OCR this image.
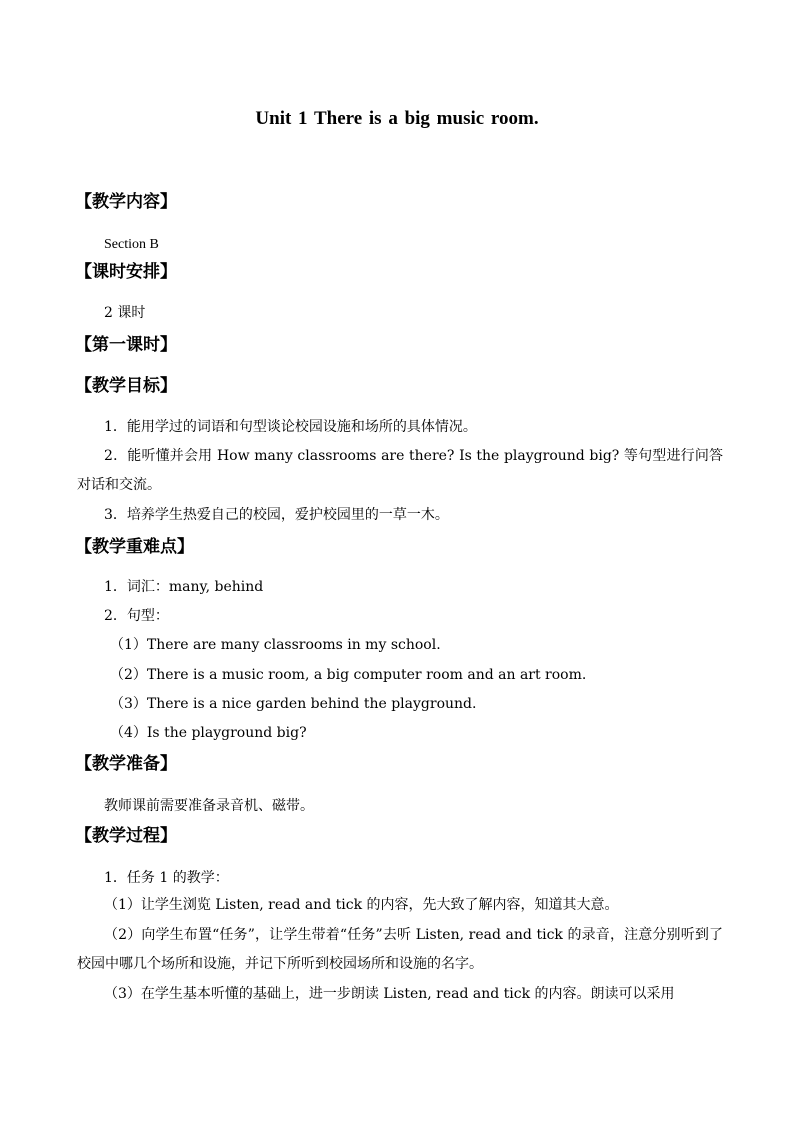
Unit 1 There is a big music room.
【教学内容】
Section B
【课时安排】
2 课时
【第一课时】
【教学目标】
1．能用学过的词语和句型谈论校园设施和场所的具体情况。
2．能听懂并会用 How many classrooms are there? Is the playground big? 等句型进行问答对话和交流。
3．培养学生热爱自己的校园，爱护校园里的一草一木。
【教学重难点】
1．词汇：many, behind
2．句型：
（1）There are many classrooms in my school.
（2）There is a music room, a big computer room and an art room.
（3）There is a nice garden behind the playground.
（4）Is the playground big?
【教学准备】
教师课前需要准备录音机、磁带。
【教学过程】
1．任务 1 的教学：
（1）让学生浏览 Listen, read and tick 的内容，先大致了解内容，知道其大意。
（2）向学生布置“任务”，让学生带着“任务”去听 Listen, read and tick 的录音，注意分别听到了校园中哪几个场所和设施，并记下所听到校园场所和设施的名字。
（3）在学生基本听懂的基础上，进一步朗读 Listen, read and tick 的内容。朗读可以采用
